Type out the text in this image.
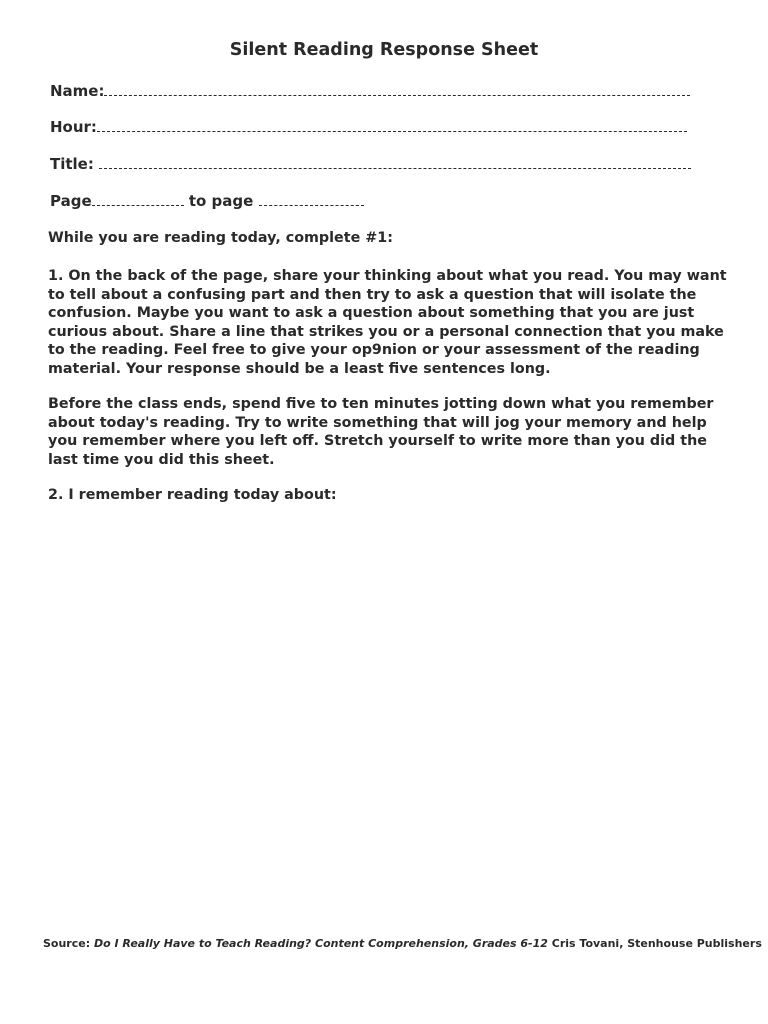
Silent Reading Response Sheet
Name:
Hour:
Title:
Page	to page
While you are reading today, complete #1:
1. On the back of the page, share your thinking about what you read. You may want to tell about a confusing part and then try to ask a question that will isolate the confusion. Maybe you want to ask a question about something that you are just curious about. Share a line that strikes you or a personal connection that you make to the reading. Feel free to give your op9nion or your assessment of the reading material. Your response should be a least five sentences long.
Before the class ends, spend five to ten minutes jotting down what you remember about today's reading. Try to write something that will jog your memory and help you remember where you left off. Stretch yourself to write more than you did the last time you did this sheet.
2. I remember reading today about:
Source: Do I Really Have to Teach Reading? Content Comprehension, Grades 6-12 Cris Tovani, Stenhouse Publishers
